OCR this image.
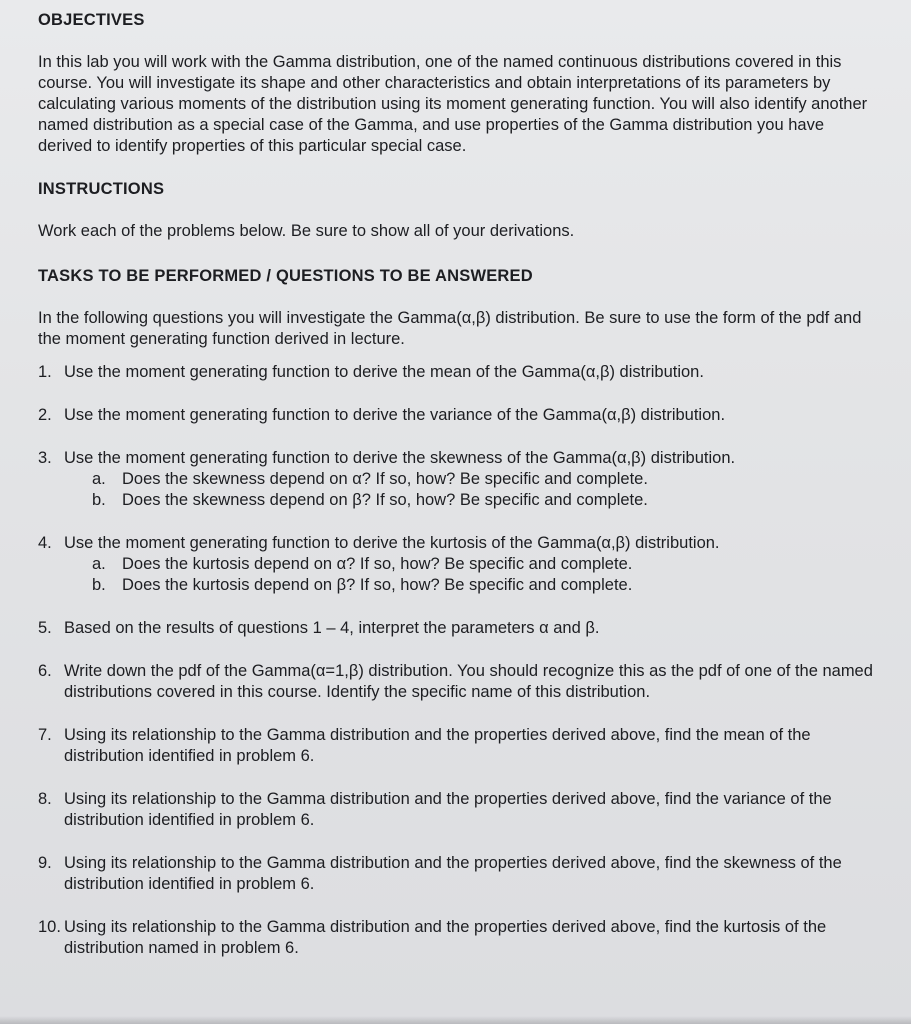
OBJECTIVES

In this lab you will work with the Gamma distribution, one of the named continuous distributions covered in this course. You will investigate its shape and other characteristics and obtain interpretations of its parameters by calculating various moments of the distribution using its moment generating function. You will also identify another named distribution as a special case of the Gamma, and use properties of the Gamma distribution you have derived to identify properties of this particular special case.

INSTRUCTIONS

Work each of the problems below. Be sure to show all of your derivations.

TASKS TO BE PERFORMED / QUESTIONS TO BE ANSWERED

In the following questions you will investigate the Gamma(α,β) distribution. Be sure to use the form of the pdf and the moment generating function derived in lecture.

1. Use the moment generating function to derive the mean of the Gamma(α,β) distribution.
2. Use the moment generating function to derive the variance of the Gamma(α,β) distribution.
3. Use the moment generating function to derive the skewness of the Gamma(α,β) distribution.
a. Does the skewness depend on α? If so, how? Be specific and complete.
b. Does the skewness depend on β? If so, how? Be specific and complete.
4. Use the moment generating function to derive the kurtosis of the Gamma(α,β) distribution.
a. Does the kurtosis depend on α? If so, how? Be specific and complete.
b. Does the kurtosis depend on β? If so, how? Be specific and complete.
5. Based on the results of questions 1 – 4, interpret the parameters α and β.
6. Write down the pdf of the Gamma(α=1,β) distribution. You should recognize this as the pdf of one of the named distributions covered in this course. Identify the specific name of this distribution.
7. Using its relationship to the Gamma distribution and the properties derived above, find the mean of the distribution identified in problem 6.
8. Using its relationship to the Gamma distribution and the properties derived above, find the variance of the distribution identified in problem 6.
9. Using its relationship to the Gamma distribution and the properties derived above, find the skewness of the distribution identified in problem 6.
10. Using its relationship to the Gamma distribution and the properties derived above, find the kurtosis of the distribution named in problem 6.
